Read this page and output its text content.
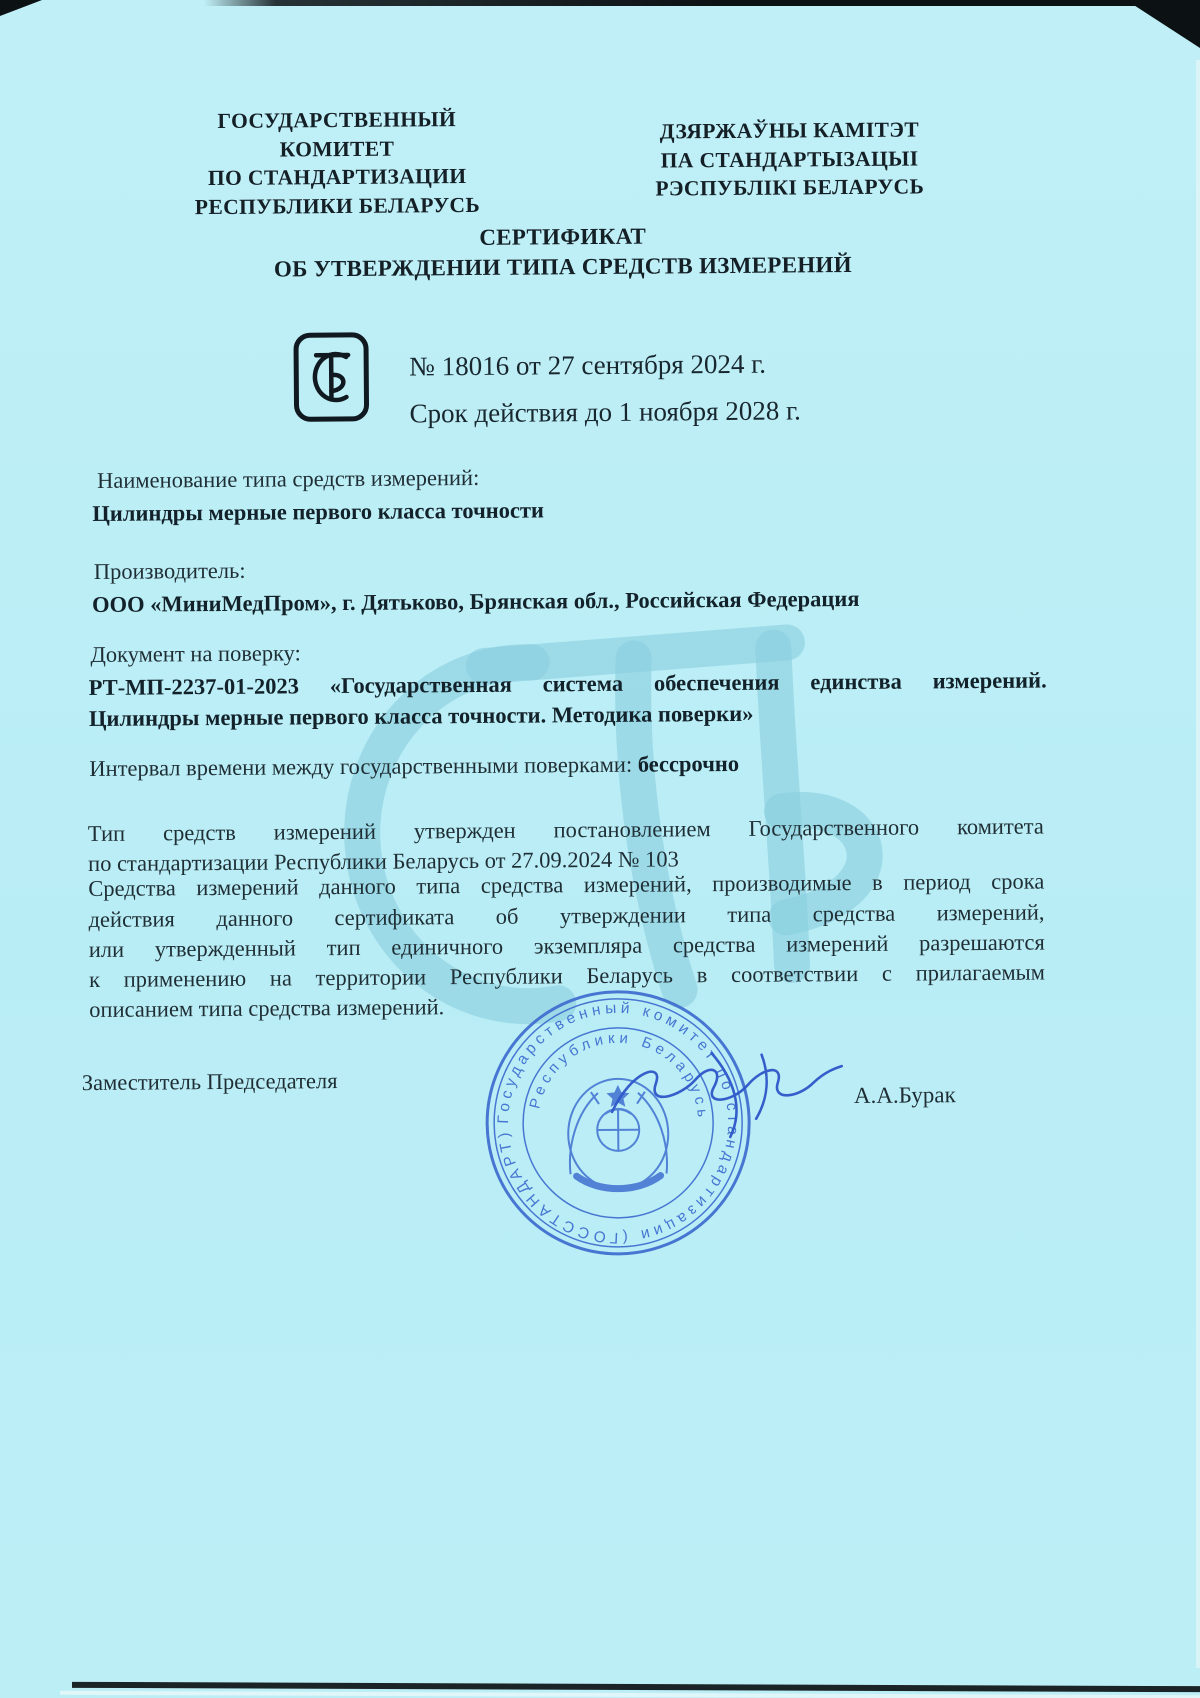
ГОСУДАРСТВЕННЫЙ КОМИТЕТ
ПО СТАНДАРТИЗАЦИИ
РЕСПУБЛИКИ БЕЛАРУСЬ
ДЗЯРЖАЎНЫ КАМІТЭТ
ПА СТАНДАРТЫЗАЦЫІ
РЭСПУБЛІКІ БЕЛАРУСЬ
СЕРТИФИКАТ
ОБ УТВЕРЖДЕНИИ ТИПА СРЕДСТВ ИЗМЕРЕНИЙ
№ 18016 от 27 сентября 2024 г.
Срок действия до 1 ноября 2028 г.
Наименование типа средств измерений:
Цилиндры мерные первого класса точности
Производитель:
ООО «МиниМедПром», г. Дятьково, Брянская обл., Российская Федерация
Документ на поверку:
РТ-МП-2237-01-2023 «Государственная система обеспечения единства измерений.
Цилиндры мерные первого класса точности. Методика поверки»
Интервал времени между государственными поверками: бессрочно
Тип средств измерений утвержден постановлением Государственного комитета
по стандартизации Республики Беларусь от 27.09.2024 № 103
Средства измерений данного типа средства измерений, производимые в период срока
действия данного сертификата об утверждении типа средства измерений,
или утвержденный тип единичного экземпляра средства измерений разрешаются
к применению на территории Республики Беларусь в соответствии с прилагаемым
описанием типа средства измерений.
Заместитель Председателя
А.А.Бурак
Государственный комитет по стандартизации (ГОССТАНДАРТ)
Республики Беларусь
